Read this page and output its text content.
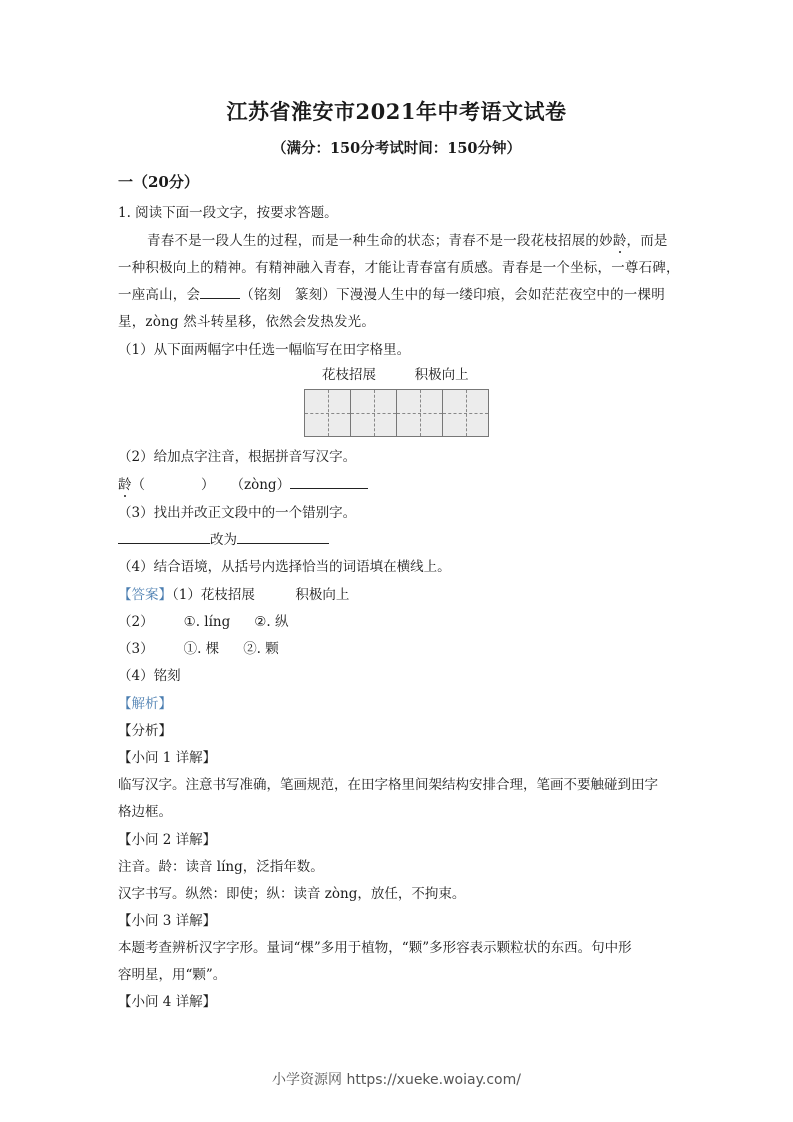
江苏省淮安市2021年中考语文试卷
（满分：150分考试时间：150分钟）
一（20分）
1. 阅读下面一段文字，按要求答题。
青春不是一段人生的过程，而是一种生命的状态；青春不是一段花枝招展的妙龄，而是
一种积极向上的精神。有精神融入青春，才能让青春富有质感。青春是一个坐标，一尊石碑，
一座高山，会	（铭刻　篆刻）下漫漫人生中的每一缕印痕，会如茫茫夜空中的一棵明
星，zòng 然斗转星移，依然会发热发光。
（1）从下面两幅字中任选一幅临写在田字格里。
花枝招展	积极向上
（2）给加点字注音，根据拼音写汉字。
龄（	） （zòng）
（3）找出并改正文段中的一个错别字。
改为
（4）结合语境，从括号内选择恰当的词语填在横线上。
【答案】（1）花枝招展　　　积极向上
（2） ①. líng ②. 纵
（3） ①. 棵 ②. 颗
（4）铭刻
【解析】
【分析】
【小问 1 详解】
临写汉字。注意书写准确，笔画规范，在田字格里间架结构安排合理，笔画不要触碰到田字
格边框。
【小问 2 详解】
注音。龄：读音 líng，泛指年数。
汉字书写。纵然：即使；纵：读音 zòng，放任，不拘束。
【小问 3 详解】
本题考查辨析汉字字形。量词“棵”多用于植物，“颗”多形容表示颗粒状的东西。句中形
容明星，用“颗”。
【小问 4 详解】
小学资源网 https://xueke.woiay.com/
